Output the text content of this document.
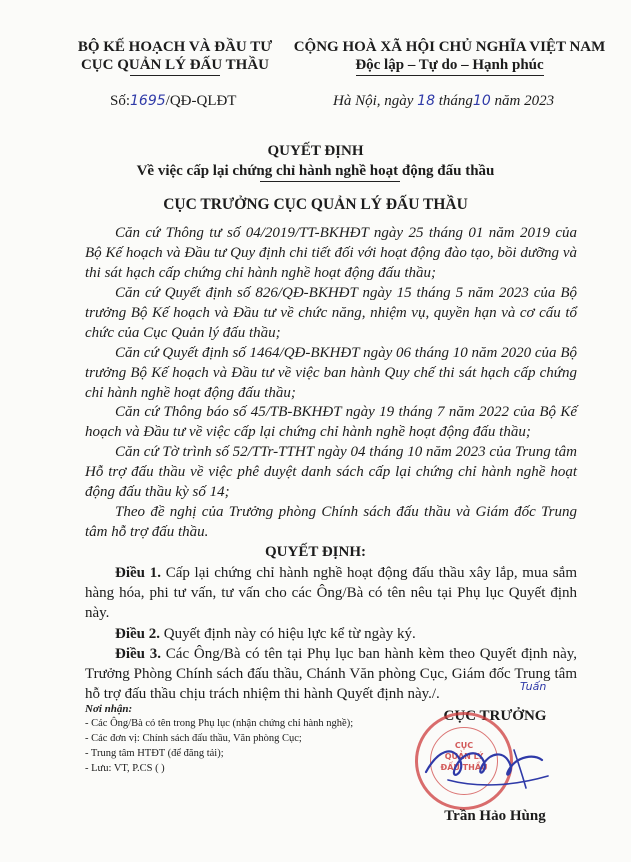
BỘ KẾ HOẠCH VÀ ĐẦU TƯ
CỤC QUẢN LÝ ĐẤU THẦU
CỘNG HOÀ XÃ HỘI CHỦ NGHĨA VIỆT NAM
Độc lập – Tự do – Hạnh phúc
Số:1695/QĐ-QLĐT	Hà Nội, ngày 18 tháng10 năm 2023
QUYẾT ĐỊNH
Về việc cấp lại chứng chỉ hành nghề hoạt động đấu thầu
CỤC TRƯỞNG CỤC QUẢN LÝ ĐẤU THẦU
Căn cứ Thông tư số 04/2019/TT-BKHĐT ngày 25 tháng 01 năm 2019 của Bộ Kế hoạch và Đầu tư Quy định chi tiết đối với hoạt động đào tạo, bồi dưỡng và thi sát hạch cấp chứng chỉ hành nghề hoạt động đấu thầu;
Căn cứ Quyết định số 826/QĐ-BKHĐT ngày 15 tháng 5 năm 2023 của Bộ trưởng Bộ Kế hoạch và Đầu tư về chức năng, nhiệm vụ, quyền hạn và cơ cấu tổ chức của Cục Quản lý đấu thầu;
Căn cứ Quyết định số 1464/QĐ-BKHĐT ngày 06 tháng 10 năm 2020 của Bộ trưởng Bộ Kế hoạch và Đầu tư về việc ban hành Quy chế thi sát hạch cấp chứng chỉ hành nghề hoạt động đấu thầu;
Căn cứ Thông báo số 45/TB-BKHĐT ngày 19 tháng 7 năm 2022 của Bộ Kế hoạch và Đầu tư về việc cấp lại chứng chỉ hành nghề hoạt động đấu thầu;
Căn cứ Tờ trình số 52/TTr-TTHT ngày 04 tháng 10 năm 2023 của Trung tâm Hỗ trợ đấu thầu về việc phê duyệt danh sách cấp lại chứng chỉ hành nghề hoạt động đấu thầu kỳ số 14;
Theo đề nghị của Trưởng phòng Chính sách đấu thầu và Giám đốc Trung tâm hỗ trợ đấu thầu.
QUYẾT ĐỊNH:
Điều 1. Cấp lại chứng chỉ hành nghề hoạt động đấu thầu xây lắp, mua sắm hàng hóa, phi tư vấn, tư vấn cho các Ông/Bà có tên nêu tại Phụ lục Quyết định này.
Điều 2. Quyết định này có hiệu lực kể từ ngày ký.
Điều 3. Các Ông/Bà có tên tại Phụ lục ban hành kèm theo Quyết định này, Trưởng Phòng Chính sách đấu thầu, Chánh Văn phòng Cục, Giám đốc Trung tâm hỗ trợ đấu thầu chịu trách nhiệm thi hành Quyết định này./.	Tuấn
Nơi nhận:
- Các Ông/Bà có tên trong Phụ lục (nhận chứng chỉ hành nghề);
- Các đơn vị: Chính sách đấu thầu, Văn phòng Cục;
- Trung tâm HTĐT (để đăng tải);
- Lưu: VT, P.CS ( )
CỤC TRƯỞNG
CỤC
QUẢN LÝ
ĐẤU THẦU
Trần Hảo Hùng
